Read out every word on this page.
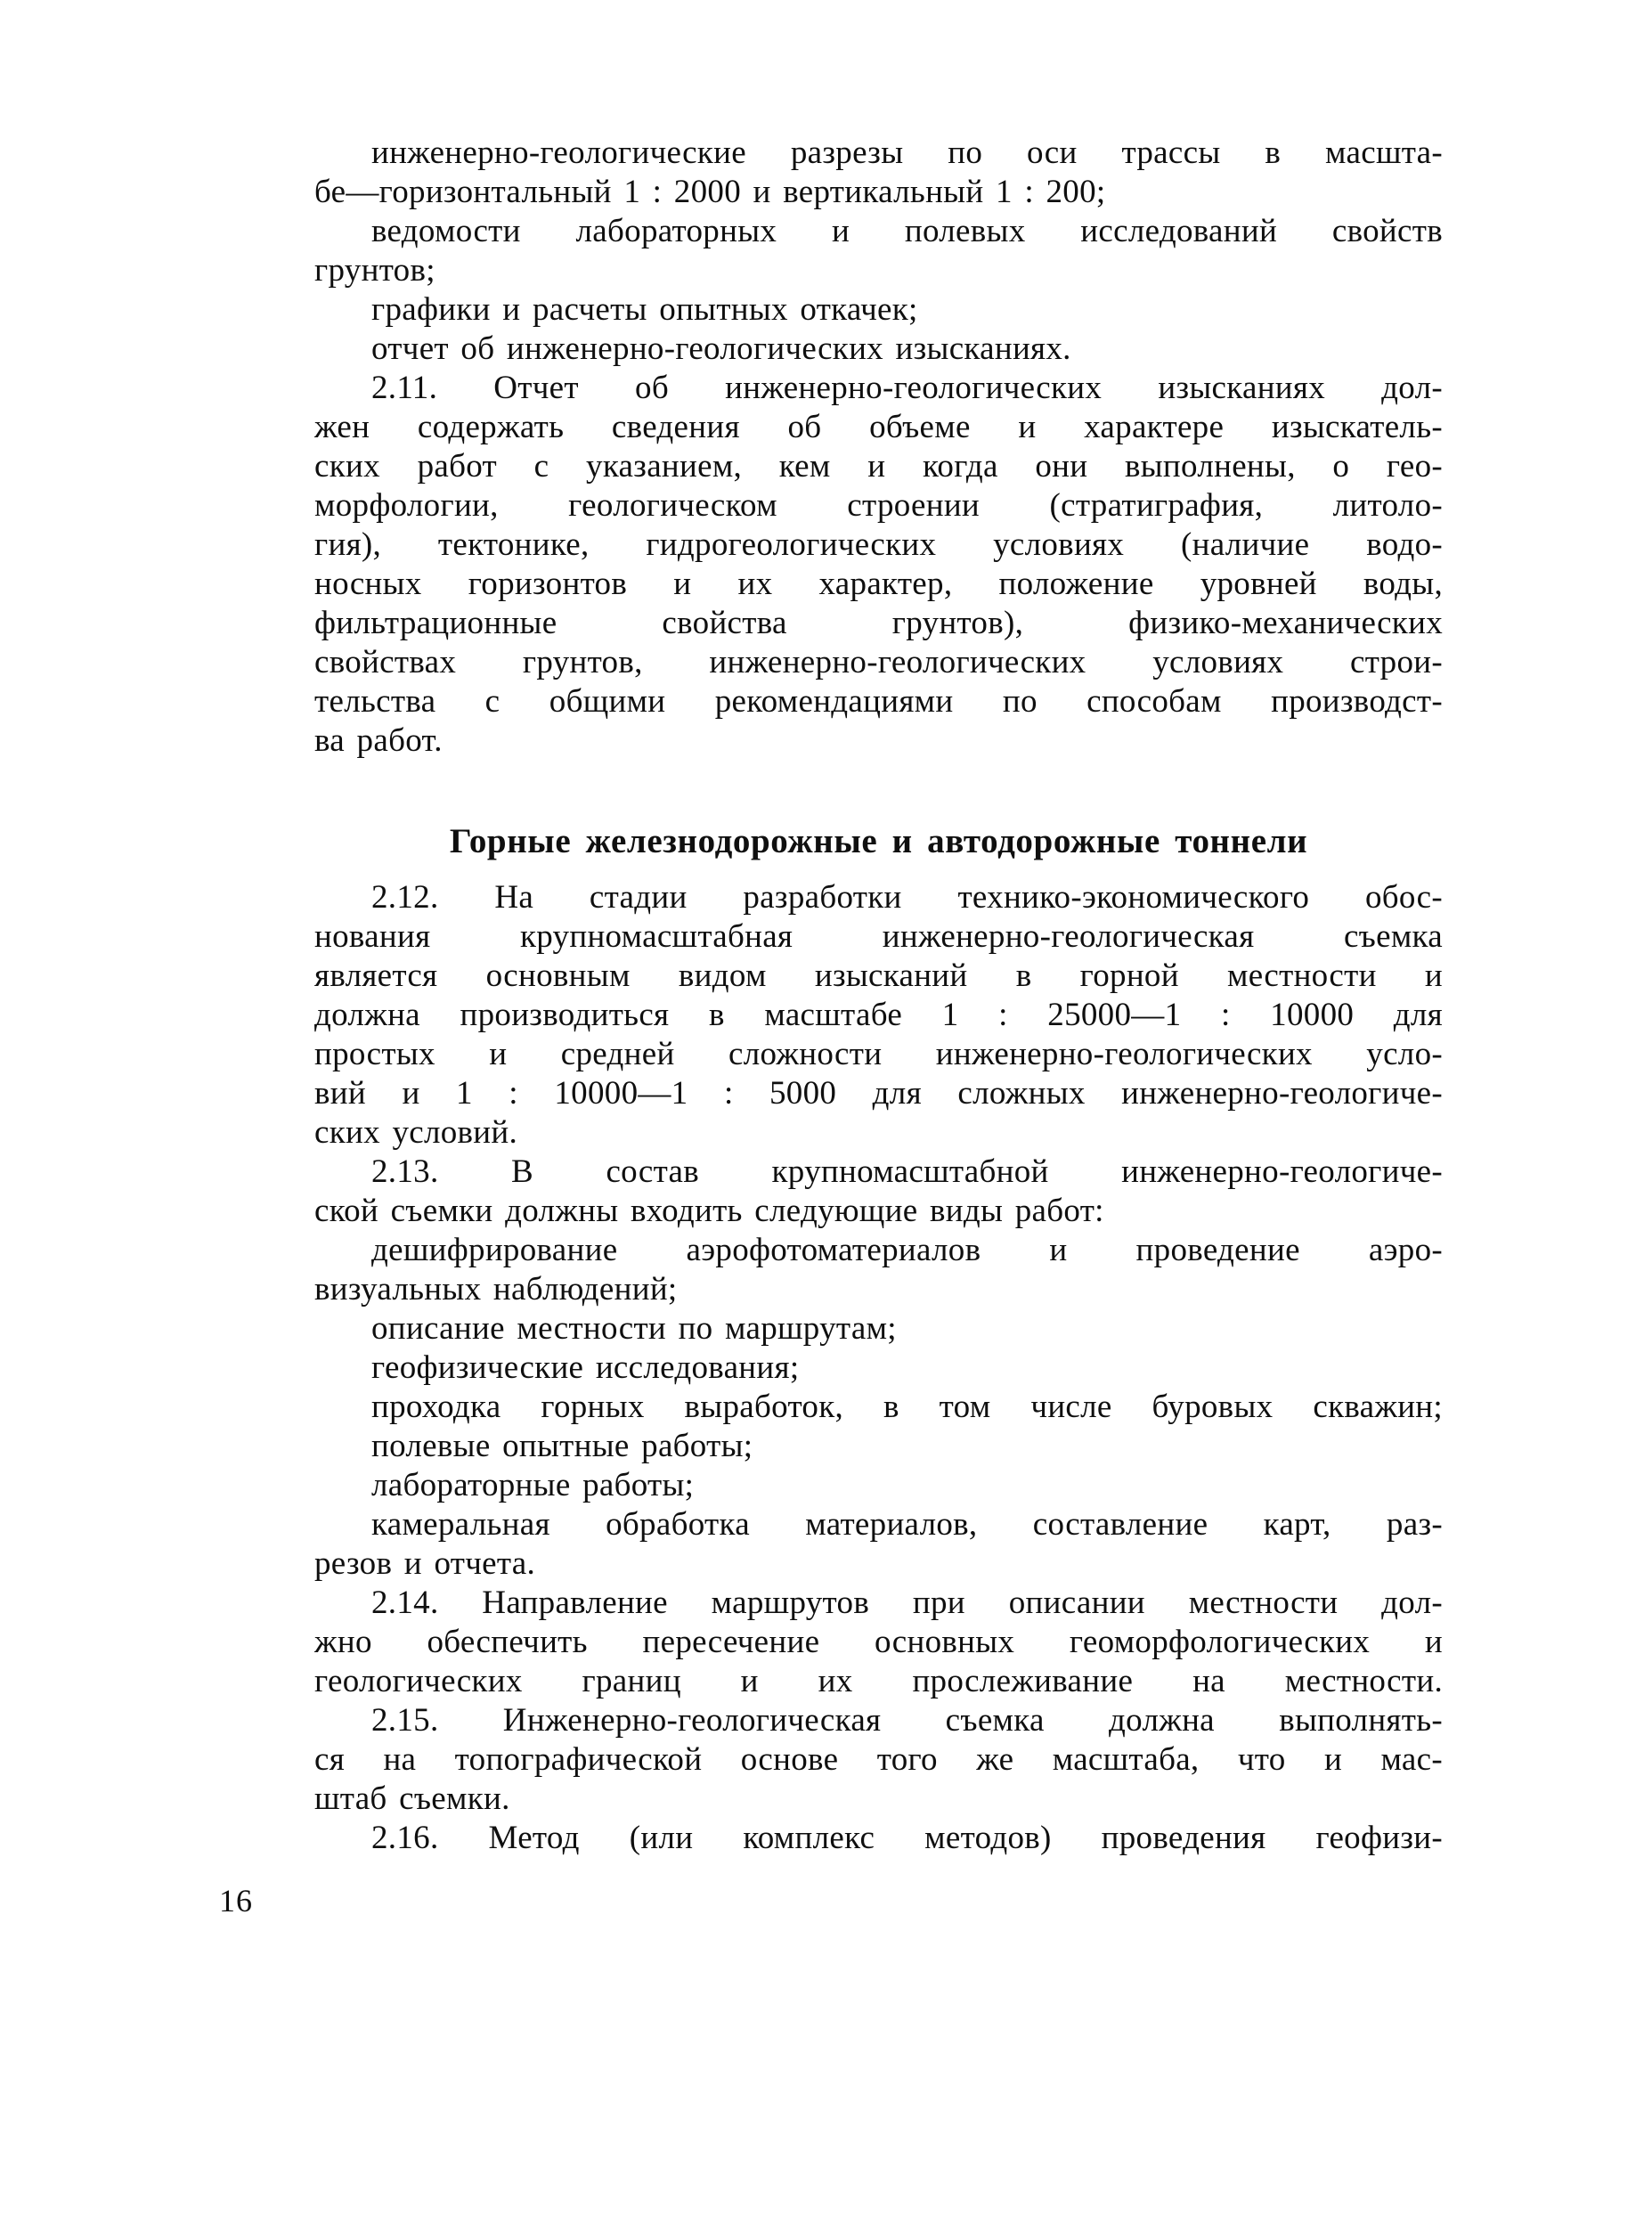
инженерно-геологические разрезы по оси трассы в масшта-
бе—горизонтальный 1 : 2000 и вертикальный 1 : 200;
ведомости лабораторных и полевых исследований свойств
грунтов;
графики и расчеты опытных откачек;
отчет об инженерно-геологических изысканиях.
2.11. Отчет об инженерно-геологических изысканиях дол-
жен содержать сведения об объеме и характере изыскатель-
ских работ с указанием, кем и когда они выполнены, о гео-
морфологии, геологическом строении (стратиграфия, литоло-
гия), тектонике, гидрогеологических условиях (наличие водо-
носных горизонтов и их характер, положение уровней воды,
фильтрационные свойства грунтов), физико-механических
свойствах грунтов, инженерно-геологических условиях строи-
тельства с общими рекомендациями по способам производст-
ва работ.
Горные железнодорожные и автодорожные тоннели
2.12. На стадии разработки технико-экономического обос-
нования крупномасштабная инженерно-геологическая съемка
является основным видом изысканий в горной местности и
должна производиться в масштабе 1 : 25000—1 : 10000 для
простых и средней сложности инженерно-геологических усло-
вий и 1 : 10000—1 : 5000 для сложных инженерно-геологиче-
ских условий.
2.13. В состав крупномасштабной инженерно-геологиче-
ской съемки должны входить следующие виды работ:
дешифрирование аэрофотоматериалов и проведение аэро-
визуальных наблюдений;
описание местности по маршрутам;
геофизические исследования;
проходка горных выработок, в том числе буровых скважин;
полевые опытные работы;
лабораторные работы;
камеральная обработка материалов, составление карт, раз-
резов и отчета.
2.14. Направление маршрутов при описании местности дол-
жно обеспечить пересечение основных геоморфологических и
геологических границ и их прослеживание на местности.
2.15. Инженерно-геологическая съемка должна выполнять-
ся на топографической основе того же масштаба, что и мас-
штаб съемки.
2.16. Метод (или комплекс методов) проведения геофизи-
16
